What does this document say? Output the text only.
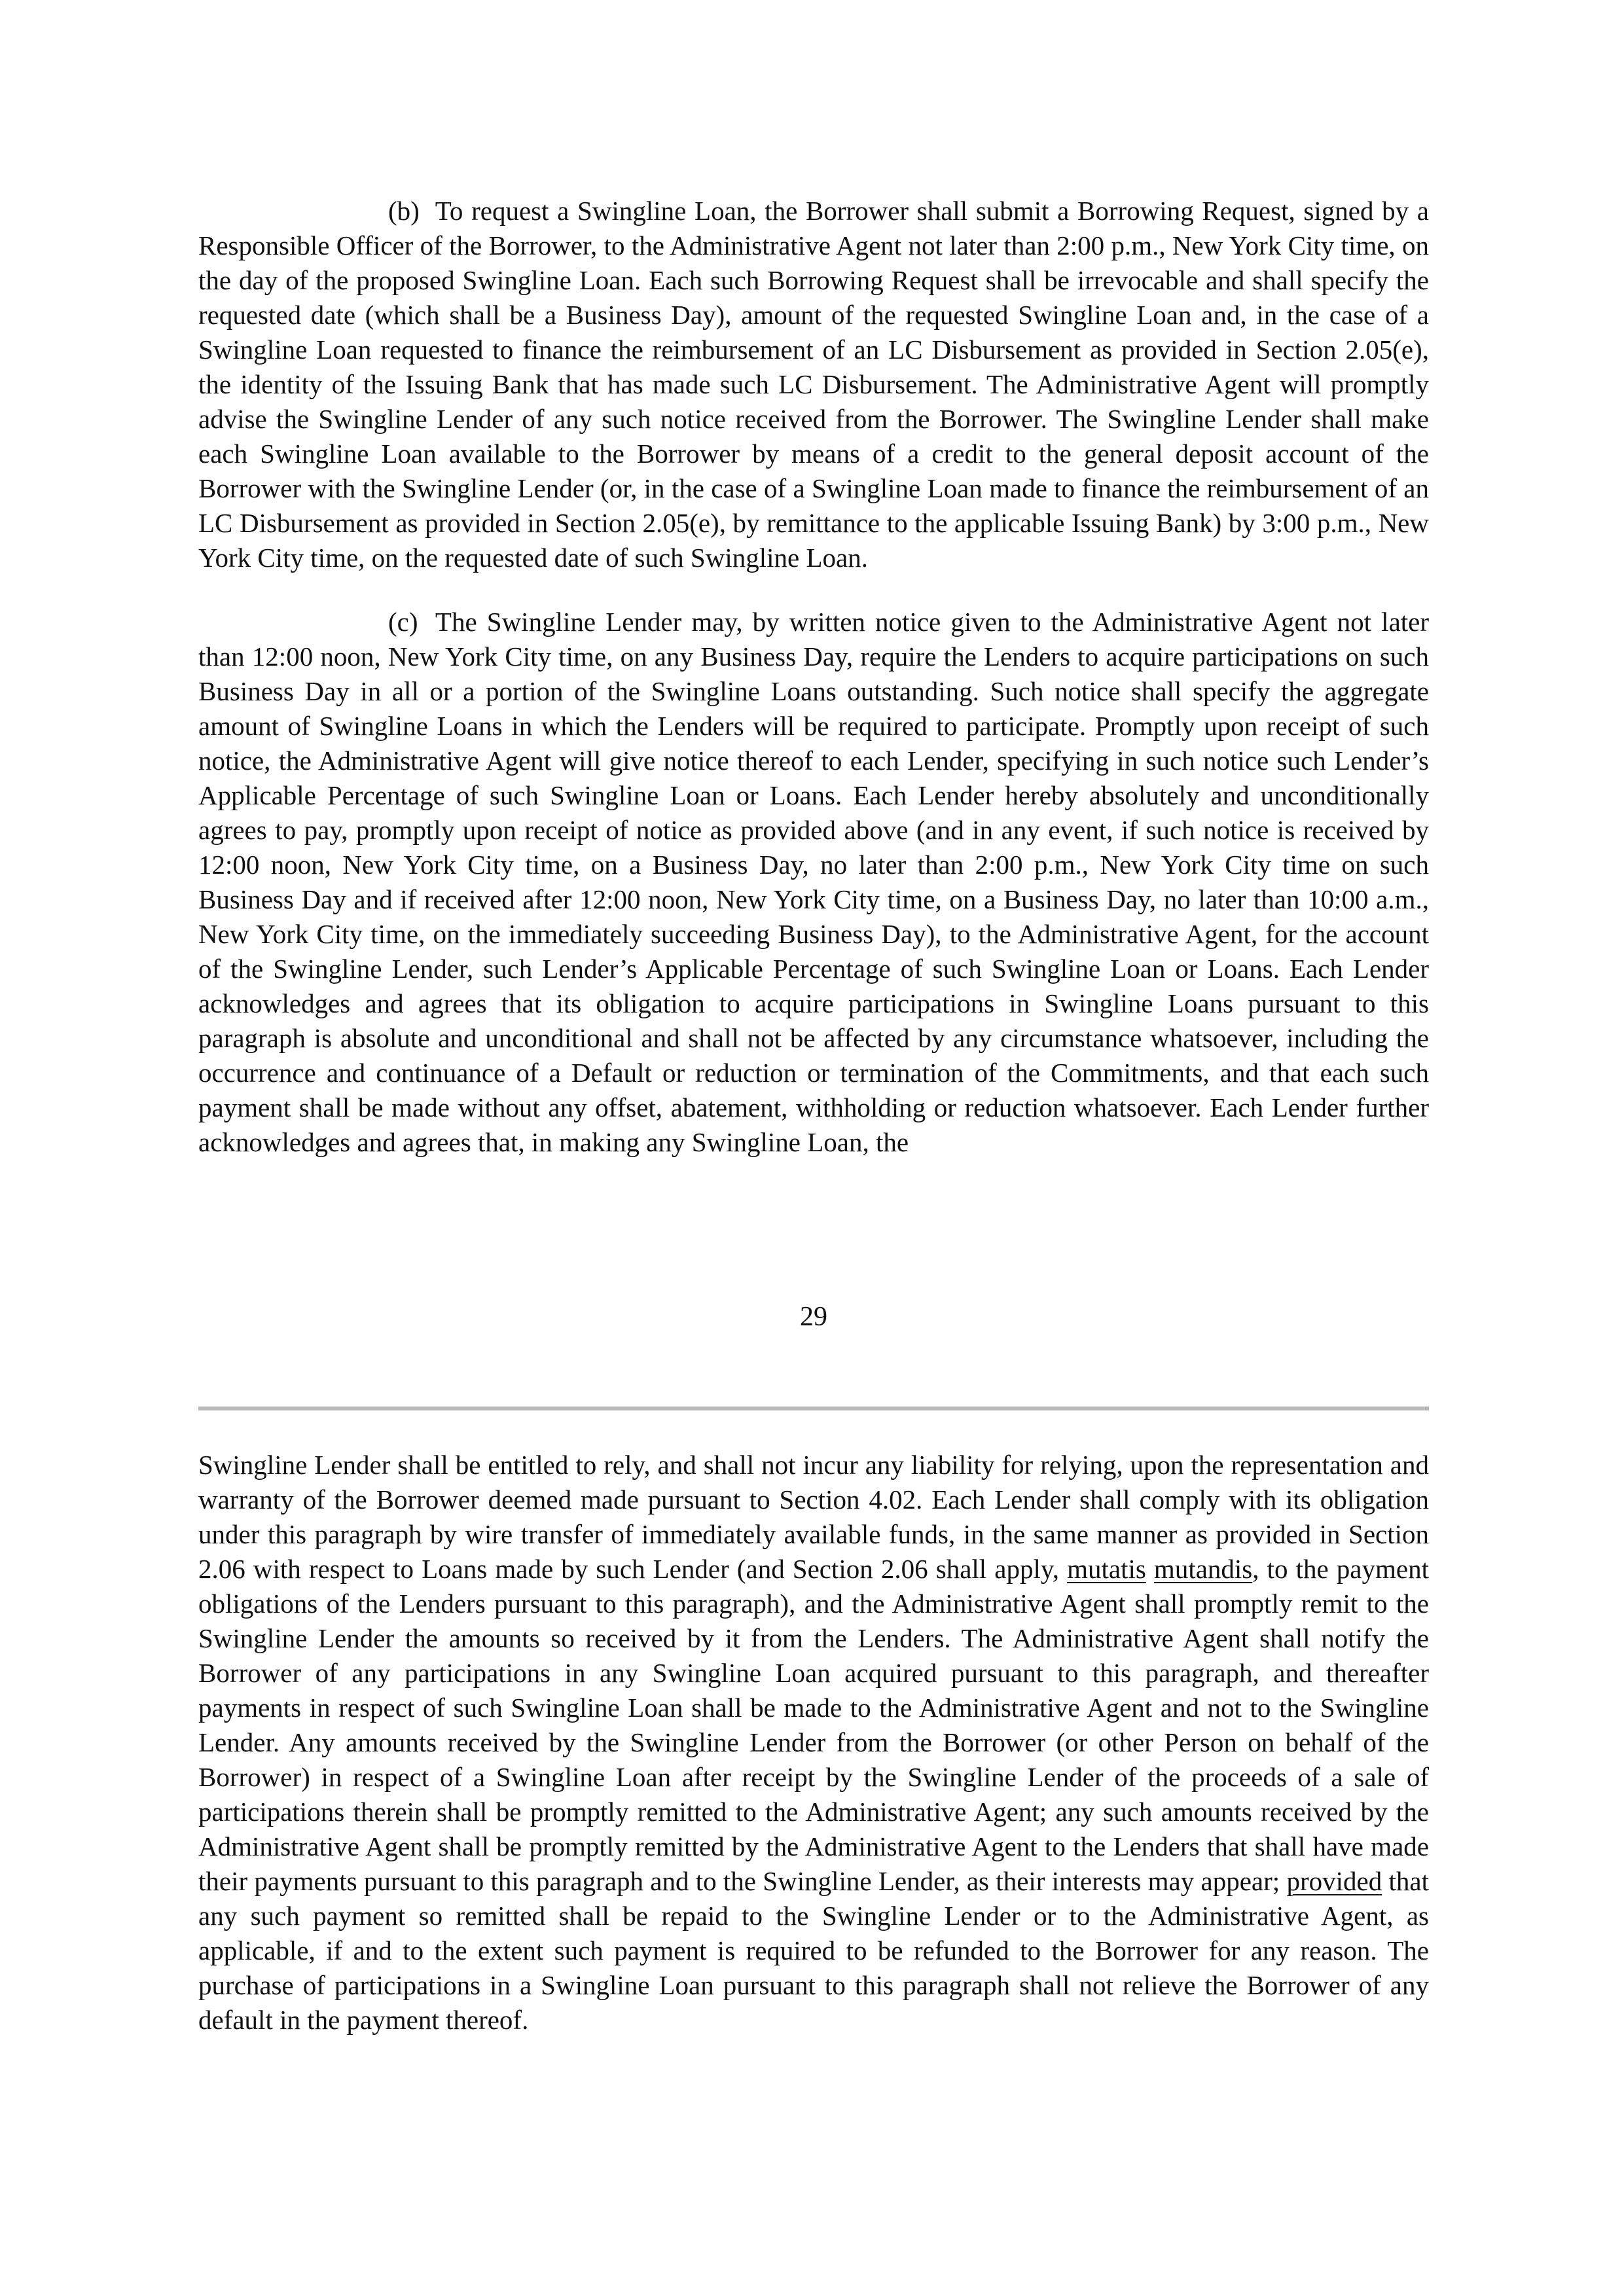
(b) To request a Swingline Loan, the Borrower shall submit a Borrowing Request, signed by a Responsible Officer of the Borrower, to the Administrative Agent not later than 2:00 p.m., New York City time, on the day of the proposed Swingline Loan. Each such Borrowing Request shall be irrevocable and shall specify the requested date (which shall be a Business Day), amount of the requested Swingline Loan and, in the case of a Swingline Loan requested to finance the reimbursement of an LC Disbursement as provided in Section 2.05(e), the identity of the Issuing Bank that has made such LC Disbursement. The Administrative Agent will promptly advise the Swingline Lender of any such notice received from the Borrower. The Swingline Lender shall make each Swingline Loan available to the Borrower by means of a credit to the general deposit account of the Borrower with the Swingline Lender (or, in the case of a Swingline Loan made to finance the reimbursement of an LC Disbursement as provided in Section 2.05(e), by remittance to the applicable Issuing Bank) by 3:00 p.m., New York City time, on the requested date of such Swingline Loan.

(c) The Swingline Lender may, by written notice given to the Administrative Agent not later than 12:00 noon, New York City time, on any Business Day, require the Lenders to acquire participations on such Business Day in all or a portion of the Swingline Loans outstanding. Such notice shall specify the aggregate amount of Swingline Loans in which the Lenders will be required to participate. Promptly upon receipt of such notice, the Administrative Agent will give notice thereof to each Lender, specifying in such notice such Lender’s Applicable Percentage of such Swingline Loan or Loans. Each Lender hereby absolutely and unconditionally agrees to pay, promptly upon receipt of notice as provided above (and in any event, if such notice is received by 12:00 noon, New York City time, on a Business Day, no later than 2:00 p.m., New York City time on such Business Day and if received after 12:00 noon, New York City time, on a Business Day, no later than 10:00 a.m., New York City time, on the immediately succeeding Business Day), to the Administrative Agent, for the account of the Swingline Lender, such Lender’s Applicable Percentage of such Swingline Loan or Loans. Each Lender acknowledges and agrees that its obligation to acquire participations in Swingline Loans pursuant to this paragraph is absolute and unconditional and shall not be affected by any circumstance whatsoever, including the occurrence and continuance of a Default or reduction or termination of the Commitments, and that each such payment shall be made without any offset, abatement, withholding or reduction whatsoever. Each Lender further acknowledges and agrees that, in making any Swingline Loan, the

29

Swingline Lender shall be entitled to rely, and shall not incur any liability for relying, upon the representation and warranty of the Borrower deemed made pursuant to Section 4.02. Each Lender shall comply with its obligation under this paragraph by wire transfer of immediately available funds, in the same manner as provided in Section 2.06 with respect to Loans made by such Lender (and Section 2.06 shall apply, mutatis mutandis, to the payment obligations of the Lenders pursuant to this paragraph), and the Administrative Agent shall promptly remit to the Swingline Lender the amounts so received by it from the Lenders. The Administrative Agent shall notify the Borrower of any participations in any Swingline Loan acquired pursuant to this paragraph, and thereafter payments in respect of such Swingline Loan shall be made to the Administrative Agent and not to the Swingline Lender. Any amounts received by the Swingline Lender from the Borrower (or other Person on behalf of the Borrower) in respect of a Swingline Loan after receipt by the Swingline Lender of the proceeds of a sale of participations therein shall be promptly remitted to the Administrative Agent; any such amounts received by the Administrative Agent shall be promptly remitted by the Administrative Agent to the Lenders that shall have made their payments pursuant to this paragraph and to the Swingline Lender, as their interests may appear; provided that any such payment so remitted shall be repaid to the Swingline Lender or to the Administrative Agent, as applicable, if and to the extent such payment is required to be refunded to the Borrower for any reason. The purchase of participations in a Swingline Loan pursuant to this paragraph shall not relieve the Borrower of any default in the payment thereof.
